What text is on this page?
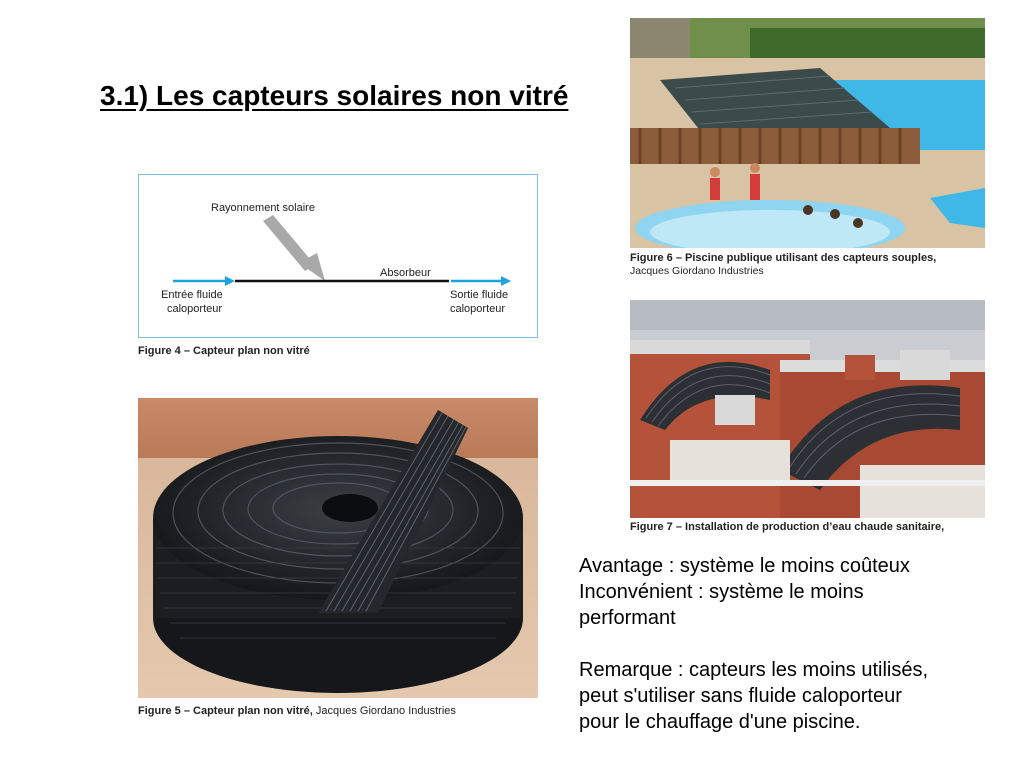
3.1) Les capteurs solaires non vitré
Rayonnement solaire
Absorbeur
Entrée fluide
caloporteur
Sortie fluide
caloporteur
Figure 4 – Capteur plan non vitré
Figure 5 – Capteur plan non vitré, Jacques Giordano Industries
Figure 6 – Piscine publique utilisant des capteurs souples,
Jacques Giordano Industries
Figure 7 – Installation de production d’eau chaude sanitaire,
Avantage : système le moins coûteux
Inconvénient : système le moins
performant
Remarque : capteurs les moins utilisés,
peut s'utiliser sans fluide caloporteur
pour le chauffage d'une piscine.
